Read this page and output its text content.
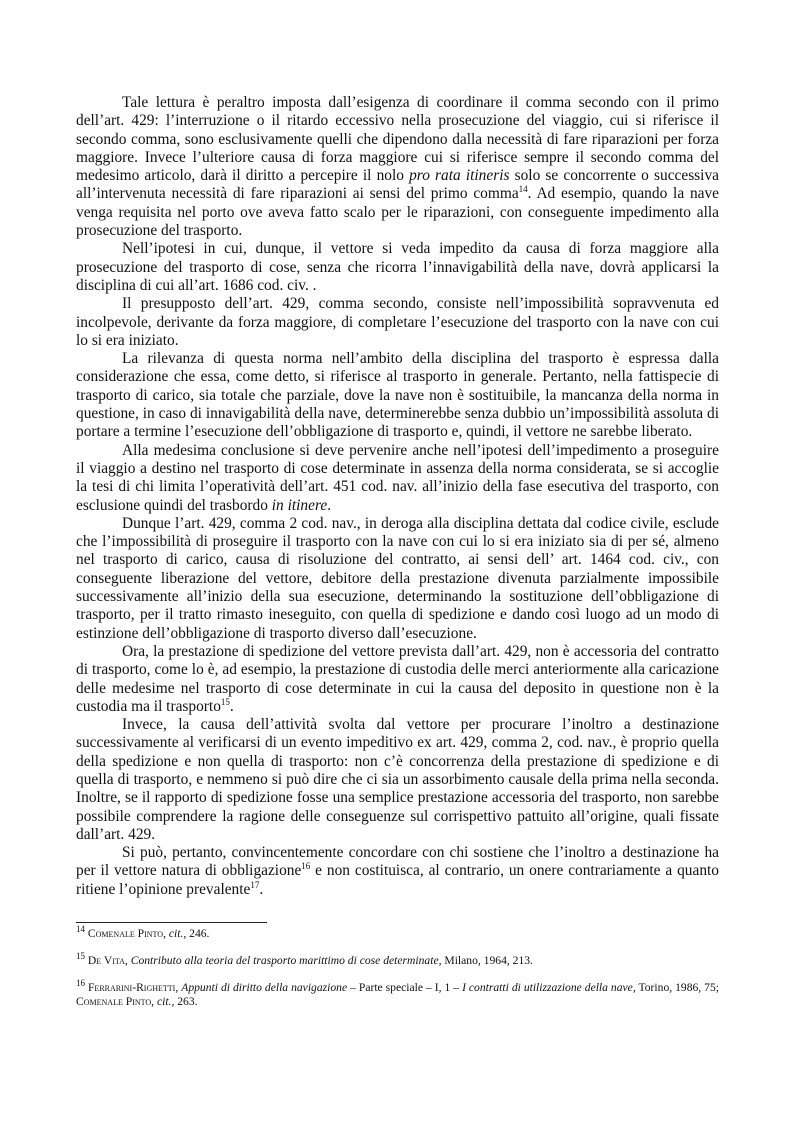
Tale lettura è peraltro imposta dall’esigenza di coordinare il comma secondo con il primo dell’art. 429: l’interruzione o il ritardo eccessivo nella prosecuzione del viaggio, cui si riferisce il secondo comma, sono esclusivamente quelli che dipendono dalla necessità di fare riparazioni per forza maggiore. Invece l’ulteriore causa di forza maggiore cui si riferisce sempre il secondo comma del medesimo articolo, darà il diritto a percepire il nolo pro rata itineris solo se concorrente o successiva all’intervenuta necessità di fare riparazioni ai sensi del primo comma$^{14}$. Ad esempio, quando la nave venga requisita nel porto ove aveva fatto scalo per le riparazioni, con conseguente impedimento alla prosecuzione del trasporto.

Nell’ipotesi in cui, dunque, il vettore si veda impedito da causa di forza maggiore alla prosecuzione del trasporto di cose, senza che ricorra l’innavigabilità della nave, dovrà applicarsi la disciplina di cui all’art. 1686 cod. civ. .

Il presupposto dell’art. 429, comma secondo, consiste nell’impossibilità sopravvenuta ed incolpevole, derivante da forza maggiore, di completare l’esecuzione del trasporto con la nave con cui lo si era iniziato.

La rilevanza di questa norma nell’ambito della disciplina del trasporto è espressa dalla considerazione che essa, come detto, si riferisce al trasporto in generale. Pertanto, nella fattispecie di trasporto di carico, sia totale che parziale, dove la nave non è sostituibile, la mancanza della norma in questione, in caso di innavigabilità della nave, determinerebbe senza dubbio un’impossibilità assoluta di portare a termine l’esecuzione dell’obbligazione di trasporto e, quindi, il vettore ne sarebbe liberato.

Alla medesima conclusione si deve pervenire anche nell’ipotesi dell’impedimento a proseguire il viaggio a destino nel trasporto di cose determinate in assenza della norma considerata, se si accoglie la tesi di chi limita l’operatività dell’art. 451 cod. nav. all’inizio della fase esecutiva del trasporto, con esclusione quindi del trasbordo in itinere.

Dunque l’art. 429, comma 2 cod. nav., in deroga alla disciplina dettata dal codice civile, esclude che l’impossibilità di proseguire il trasporto con la nave con cui lo si era iniziato sia di per sé, almeno nel trasporto di carico, causa di risoluzione del contratto, ai sensi dell’ art. 1464 cod. civ., con conseguente liberazione del vettore, debitore della prestazione divenuta parzialmente impossibile successivamente all’inizio della sua esecuzione, determinando la sostituzione dell’obbligazione di trasporto, per il tratto rimasto ineseguito, con quella di spedizione e dando così luogo ad un modo di estinzione dell’obbligazione di trasporto diverso dall’esecuzione.

Ora, la prestazione di spedizione del vettore prevista dall’art. 429, non è accessoria del contratto di trasporto, come lo è, ad esempio, la prestazione di custodia delle merci anteriormente alla caricazione delle medesime nel trasporto di cose determinate in cui la causa del deposito in questione non è la custodia ma il trasporto$^{15}$.

Invece, la causa dell’attività svolta dal vettore per procurare l’inoltro a destinazione successivamente al verificarsi di un evento impeditivo ex art. 429, comma 2, cod. nav., è proprio quella della spedizione e non quella di trasporto: non c’è concorrenza della prestazione di spedizione e di quella di trasporto, e nemmeno si può dire che ci sia un assorbimento causale della prima nella seconda. Inoltre, se il rapporto di spedizione fosse una semplice prestazione accessoria del trasporto, non sarebbe possibile comprendere la ragione delle conseguenze sul corrispettivo pattuito all’origine, quali fissate dall’art. 429.

Si può, pertanto, convincentemente concordare con chi sostiene che l’inoltro a destinazione ha per il vettore natura di obbligazione$^{16}$ e non costituisca, al contrario, un onere contrariamente a quanto ritiene l’opinione prevalente$^{17}$.

$^{14}$ Comenale Pinto, cit., 246.

$^{15}$ De Vita, Contributo alla teoria del trasporto marittimo di cose determinate, Milano, 1964, 213.

$^{16}$ Ferrarini-Righetti, Appunti di diritto della navigazione – Parte speciale – I, 1 – I contratti di utilizzazione della nave, Torino, 1986, 75; Comenale Pinto, cit., 263.
